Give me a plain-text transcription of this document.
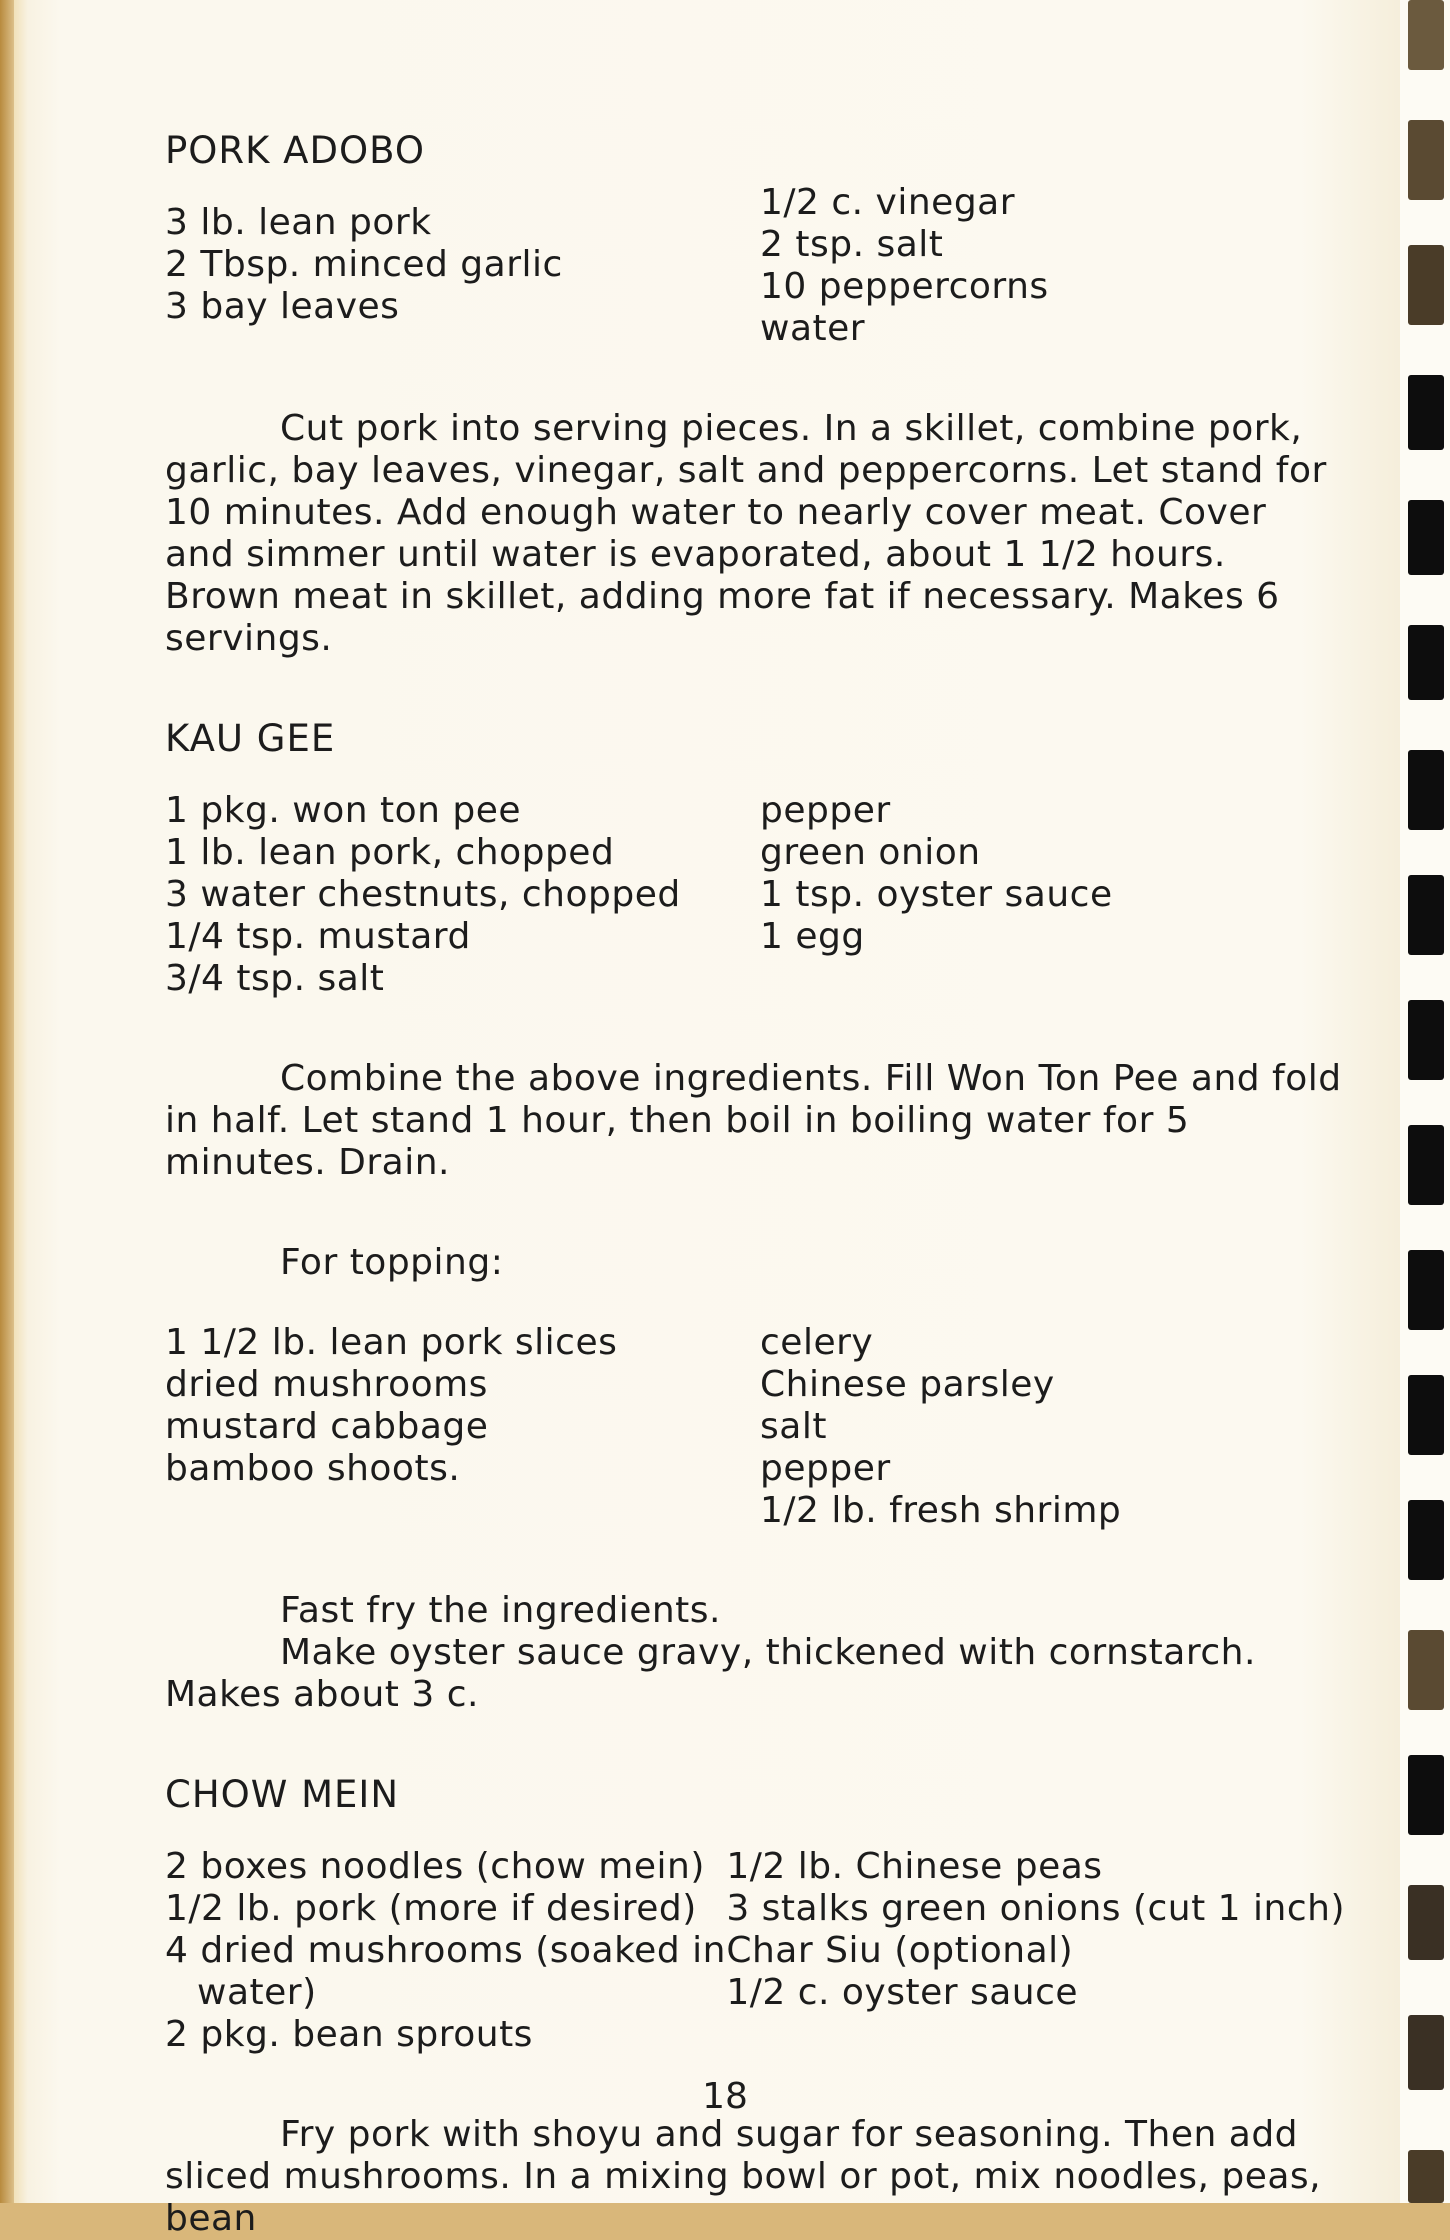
PORK ADOBO
3 lb. lean pork
2 Tbsp. minced garlic
3 bay leaves
1/2 c. vinegar
2 tsp. salt
10 peppercorns
water

Cut pork into serving pieces. In a skillet, combine pork, garlic, bay leaves, vinegar, salt and peppercorns. Let stand for 10 minutes. Add enough water to nearly cover meat. Cover and simmer until water is evaporated, about 1 1/2 hours. Brown meat in skillet, adding more fat if necessary. Makes 6 servings.

KAU GEE
1 pkg. won ton pee
1 lb. lean pork, chopped
3 water chestnuts, chopped
1/4 tsp. mustard
3/4 tsp. salt
pepper
green onion
1 tsp. oyster sauce
1 egg

Combine the above ingredients. Fill Won Ton Pee and fold in half. Let stand 1 hour, then boil in boiling water for 5 minutes. Drain.

For topping:
1 1/2 lb. lean pork slices
dried mushrooms
mustard cabbage
bamboo shoots.
celery
Chinese parsley
salt
pepper
1/2 lb. fresh shrimp
Fast fry the ingredients.

Make oyster sauce gravy, thickened with cornstarch. Makes about 3 c.

CHOW MEIN
2 boxes noodles (chow mein)
1/2 lb. pork (more if desired)
4 dried mushrooms (soaked in
water)
2 pkg. bean sprouts
1/2 lb. Chinese peas
3 stalks green onions (cut 1 inch)
Char Siu (optional)
1/2 c. oyster sauce

Fry pork with shoyu and sugar for seasoning. Then add sliced mushrooms. In a mixing bowl or pot, mix noodles, peas, bean

18
